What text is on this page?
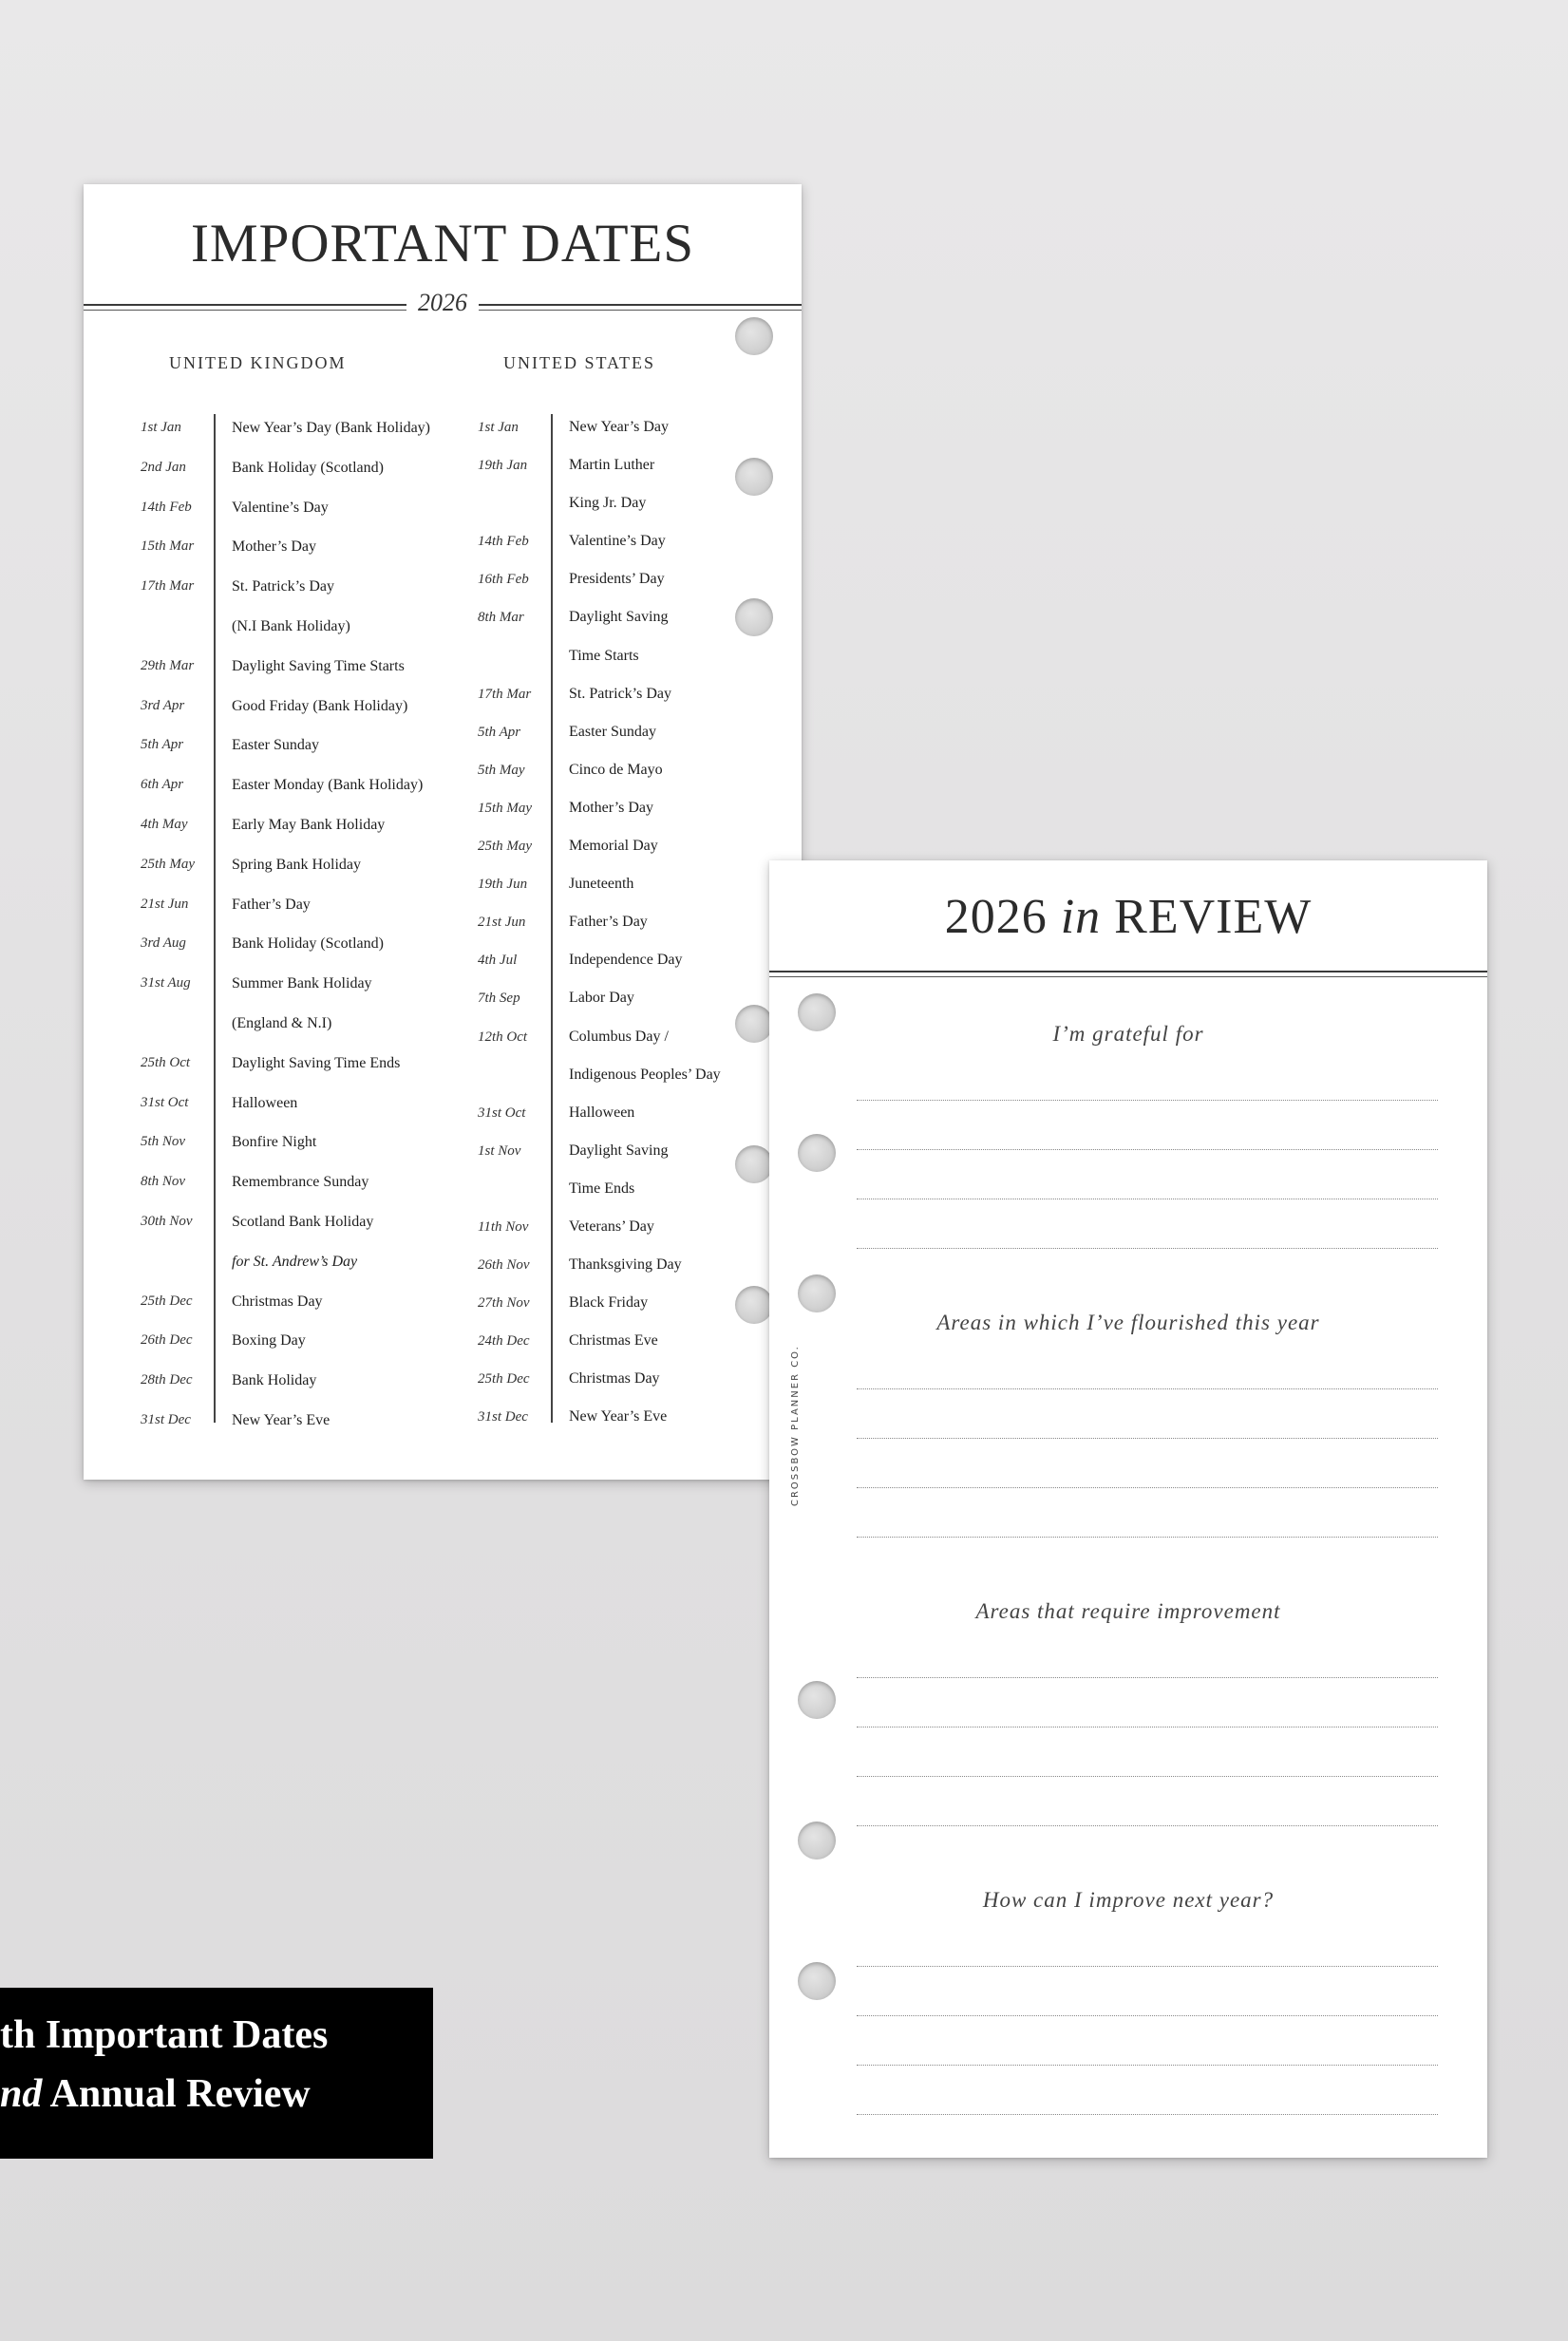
IMPORTANT DATES
2026
UNITED KINGDOM	UNITED STATES
1st Jan	New Year’s Day (Bank Holiday)
2nd Jan	Bank Holiday (Scotland)
14th Feb	Valentine’s Day
15th Mar Mother’s Day
17th Mar St. Patrick’s Day
(N.I Bank Holiday)
29th Mar Daylight Saving Time Starts
3rd Apr	Good Friday (Bank Holiday)
5th Apr	Easter Sunday
6th Apr	Easter Monday (Bank Holiday)
4th May	Early May Bank Holiday
25th May Spring Bank Holiday
21st Jun	Father’s Day
3rd Aug	Bank Holiday (Scotland)
31st Aug	Summer Bank Holiday
(England & N.I)
25th Oct	Daylight Saving Time Ends
31st Oct	Halloween
5th Nov	Bonfire Night
8th Nov	Remembrance Sunday
30th Nov	Scotland Bank Holiday
for St. Andrew’s Day
25th Dec	Christmas Day
26th Dec	Boxing Day
28th Dec	Bank Holiday
31st Dec	New Year’s Eve
1st Jan	New Year’s Day
19th Jan	Martin Luther
King Jr. Day
14th Feb	Valentine’s Day
16th Feb	Presidents’ Day
8th Mar	Daylight Saving
Time Starts
17th Mar St. Patrick’s Day
5th Apr	Easter Sunday
5th May	Cinco de Mayo
15th May Mother’s Day
25th May Memorial Day
19th Jun	Juneteenth
21st Jun	Father’s Day
4th Jul	Independence Day
7th Sep	Labor Day
12th Oct	Columbus Day /
Indigenous Peoples’ Day
31st Oct	Halloween
1st Nov	Daylight Saving
Time Ends
11th Nov	Veterans’ Day
26th Nov	Thanksgiving Day
27th Nov	Black Friday
24th Dec	Christmas Eve
25th Dec	Christmas Day
31st Dec	New Year’s Eve
2026 in REVIEW
I’m grateful for
Areas in which I’ve flourished this year
Areas that require improvement
How can I improve next year?
CROSSBOW PLANNER CO.
th Important Dates
nd Annual Review
